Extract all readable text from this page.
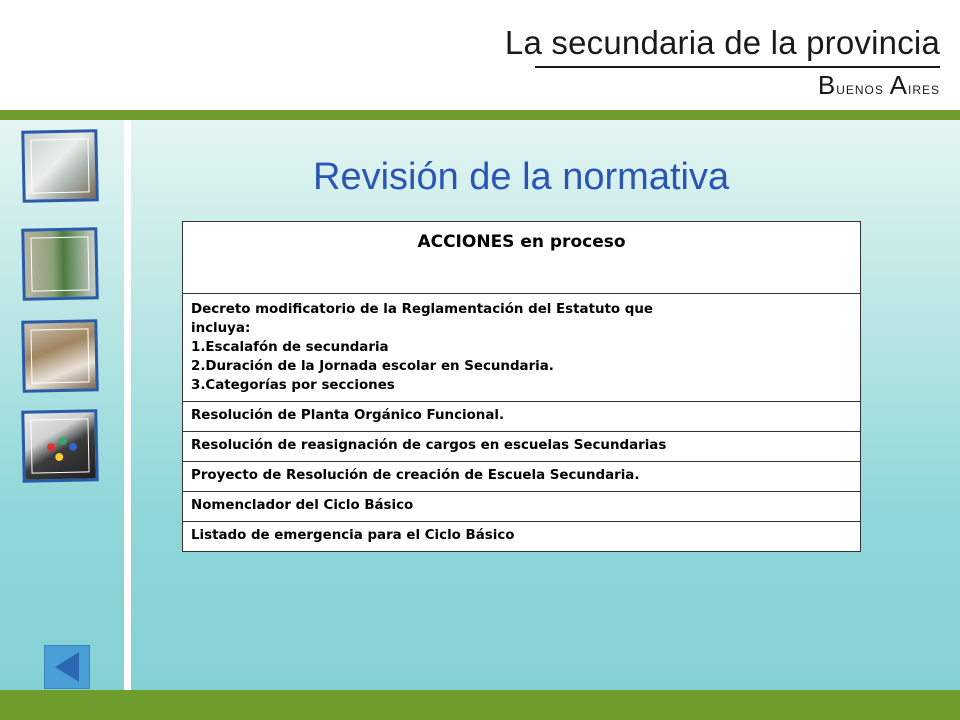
La secundaria de la provincia
Buenos Aires
Revisión de la normativa
ACCIONES en proceso

Decreto modificatorio de la Reglamentación del Estatuto que
incluya:
1.Escalafón de secundaria
2.Duración de la Jornada escolar en Secundaria.
3.Categorías por secciones

Resolución de Planta Orgánico Funcional.
Resolución de reasignación de cargos en escuelas Secundarias
Proyecto de Resolución de creación de Escuela Secundaria.
Nomenclador del Ciclo Básico
Listado de emergencia para el Ciclo Básico
